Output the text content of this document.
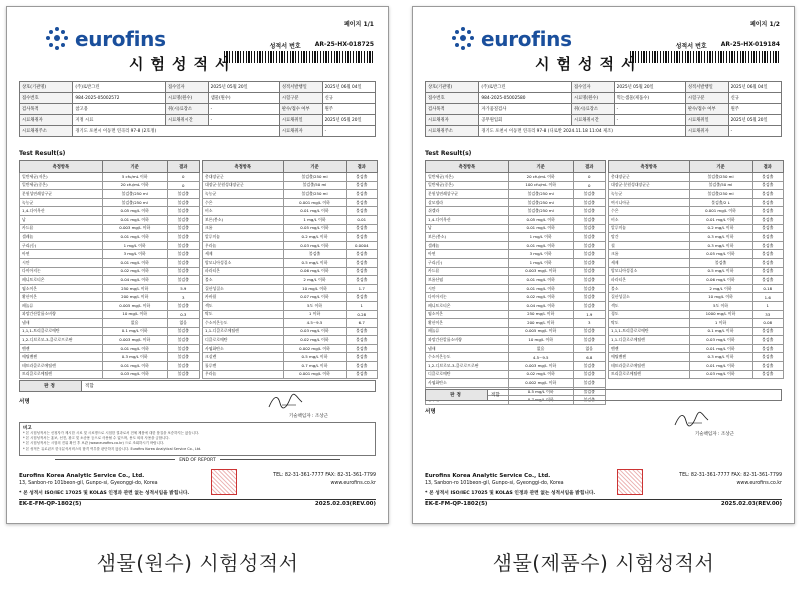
페이지 1/1
eurofins	성적서 번호 AR-25-HX-018725
시험성적서
상호(기관명)	(주)로반그린	접수일자	2025년 05월 20일	성적서발행일	2025년 06월 04일
접수번호	984-2025-05002572	시료명(원수)	샘물(원수)	시험구분	신규
검사목적	참고용	취(시)료장소	-	판수/접수 여부	원주
시료채취자	지정 시료	시료채취시간	-	시료채취일	2025년 05월 20일
시료채취주소	경기도 포천시 이동면 연곡리 97-8 (2호정)			시료채취자	-
Test Result(s)
측정항목	기준	결과
일반세균(저온)	5 cfu/mL 이하	0
일반세균(중온)	20 cfu/mL 이하	0
분원성연쇄상구균	불검출/250 ml	불검출
녹농균	불검출/250 ml	불검출
1,4-다이옥산	0.05 mg/L 이하	불검출
납	0.01 mg/L 이하	불검출
카드뮴	0.003 mg/L 이하	불검출
셀레늄	0.01 mg/L 이하	불검출
구리(동)	1 mg/L 이하	불검출
아연	3 mg/L 이하	불검출
시안	0.01 mg/L 이하	불검출
다이아지논	0.02 mg/L 이하	불검출
페니트로티온	0.04 mg/L 이하	불검출
염소이온	250 mg/L 이하	5.9
황산이온	200 mg/L 이하	3
페놀류	0.005 mg/L 이하	불검출
과망간산칼륨소비량	10 mg/L 이하	0.3
냄새	없음	없음
1,1,1-트리클로로에탄	0.1 mg/L 이하	불검출
1,2-디브로모-3-클로로프로판	0.003 mg/L 이하	불검출
벤젠	0.01 mg/L 이하	불검출
에틸벤젠	0.3 mg/L 이하	불검출
테트라클로로에틸렌	0.01 mg/L 이하	불검출
트리클로로에틸렌	0.03 mg/L 이하	불검출
측정항목	기준	결과
총대장균군	불검출/250 ml	불검출
대장균·분원성대장균군	불검출/50 ml	불검출
녹농균	불검출/250 ml	불검출
수은	0.001 mg/L 이하	불검출
비소	0.01 mg/L 이하	불검출
보론(붕소)	1 mg/L 이하	0.01
크롬	0.05 mg/L 이하	불검출
알루미늄	0.2 mg/L 이하	불검출
우라늄	0.03 mg/L 이하	0.0004
세제	불검출	불검출
암모니아성질소	0.5 mg/L 이하	불검출
파라티온	0.06 mg/L 이하	불검출
불소	2 mg/L 이하	불검출
질산성질소	10 mg/L 이하	1.7
카바릴	0.07 mg/L 이하	불검출
색도	5도 이하	1
탁도	1 이하	0.28
수소이온농도	4.5~9.5	6.7
1,1-디클로로에틸렌	0.03 mg/L 이하	불검출
디클로로메탄	0.02 mg/L 이하	불검출
사염화탄소	0.002 mg/L 이하	불검출
크실렌	0.5 mg/L 이하	불검출
톨루엔	0.7 mg/L 이하	불검출
우라늄	0.001 mg/L 이하	불검출
판정	적합
서명
기술책임자 : 조상근
비고
* 본 시험성적서는 신청자가 제시한 시료 및 시료명으로 시험한 결과로서 전체 제품에 대한 품질을 보증하지는 않습니다.
* 본 시험성적서는 홍보, 선전, 광고 및 소송용 등으로 사용될 수 없으며, 용도 외의 사용을 금합니다.
* 본 시험성적서는 시험의 진위 확인 후 보관 (www.eurofins.co.kr) 으로 조회하시기 바랍니다.
* 본 성적은 유로핀즈 한국분석서비스의 합격 여부를 판단하지 않습니다. Eurofins Korea Analytical Service Co., Ltd.
END OF REPORT
Eurofins Korea Analytic Service Co., Ltd.
13, Sanbon-ro 101beon-gil, Gunpo-si, Gyeonggi-do, Korea
* 본 성적서 ISO/IEC 17025 및 KOLAS 인정과 관련 없는 성적서임을 밝힙니다.
TEL: 82-31-361-7777 FAX: 82-31-361-7799
www.eurofins.co.kr
EK-E-FM-QP-1802(5)	2025.02.03(REV.00)
페이지 1/2
eurofins	성적서 번호 AR-25-HX-019184
시험성적서
상호(기관명)	(주)로반그린	접수일자	2025년 05월 20일	성적서발행일	2025년 06월 04일
접수번호	984-2025-05002580	시료명(원수)	먹는샘물(제품수)	시험구분	신규
검사목적	자가품질검사	취(시)료장소	-	판수/접수 여부	원주
시료채취자	공무원입회	시료채취시간	-	시료채취일	2025년 05월 20일
시료채취주소	경기도 포천시 이동면 연곡리 97-8 (디로반 2024.11.18 11:04 제조)			시료채취자	-
Test Result(s)
측정항목	기준	결과
일반세균(저온)	20 cfu/mL 이하	0
일반세균(중온)	100 cfu/mL 이하	0
분원성연쇄상구균	불검출/250 ml	불검출
살모넬라	불검출/250 ml	불검출
쉬겔라	불검출/250 ml	불검출
1,4-다이옥산	0.05 mg/L 이하	불검출
납	0.01 mg/L 이하	불검출
보론(붕소)	1 mg/L 이하	불검출
셀레늄	0.01 mg/L 이하	불검출
아연	3 mg/L 이하	불검출
구리(동)	1 mg/L 이하	불검출
카드뮴	0.003 mg/L 이하	불검출
브롬산염	0.01 mg/L 이하	불검출
시안	0.01 mg/L 이하	불검출
다이아지논	0.02 mg/L 이하	불검출
페니트로티온	0.04 mg/L 이하	불검출
염소이온	250 mg/L 이하	1.9
황산이온	200 mg/L 이하	3
페놀류	0.005 mg/L 이하	불검출
과망간산칼륨소비량	10 mg/L 이하	불검출
냄새	없음	없음
수소이온농도	4.5~9.5	6.8
1,2-디브로모-3-클로로프로판	0.003 mg/L 이하	불검출
디클로로메탄	0.02 mg/L 이하	불검출
사염화탄소	0.002 mg/L 이하	불검출
	0.5 mg/L 이하	불검출
	0.7 mg/L 이하	불검출
측정항목	기준	결과
총대장균군	불검출/250 ml	불검출
대장균·분원성대장균군	불검출/50 ml	불검출
녹농균	불검출/250 ml	불검출
여시니아균	불검출/2 L	불검출
수은	0.001 mg/L 이하	불검출
비소	0.01 mg/L 이하	불검출
알루미늄	0.2 mg/L 이하	불검출
망간	0.3 mg/L 이하	불검출
철	0.3 mg/L 이하	불검출
크롬	0.05 mg/L 이하	불검출
세제	불검출	불검출
암모니아성질소	0.5 mg/L 이하	불검출
파라티온	0.06 mg/L 이하	불검출
불소	2 mg/L 이하	0.18
질산성질소	10 mg/L 이하	1.6
색도	5도 이하	1
경도	1000 mg/L 이하	33
탁도	1 이하	0.08
1,1,1-트리클로로에탄	0.1 mg/L 이하	불검출
1,1-디클로로에틸렌	0.03 mg/L 이하	불검출
벤젠	0.01 mg/L 이하	불검출
에틸벤젠	0.3 mg/L 이하	불검출
테트라클로로에틸렌	0.01 mg/L 이하	불검출
트리클로로에틸렌	0.03 mg/L 이하	불검출
판정	적합
서명
기술책임자 : 조상근
Eurofins Korea Analytic Service Co., Ltd.
13, Sanbon-ro 101beon-gil, Gunpo-si, Gyeonggi-do, Korea
* 본 성적서 ISO/IEC 17025 및 KOLAS 인정과 관련 없는 성적서임을 밝힙니다.
TEL: 82-31-361-7777 FAX: 82-31-361-7799
www.eurofins.co.kr
EK-E-FM-QP-1802(5)	2025.02.03(REV.00)
샘물(원수) 시험성적서	샘물(제품수) 시험성적서
